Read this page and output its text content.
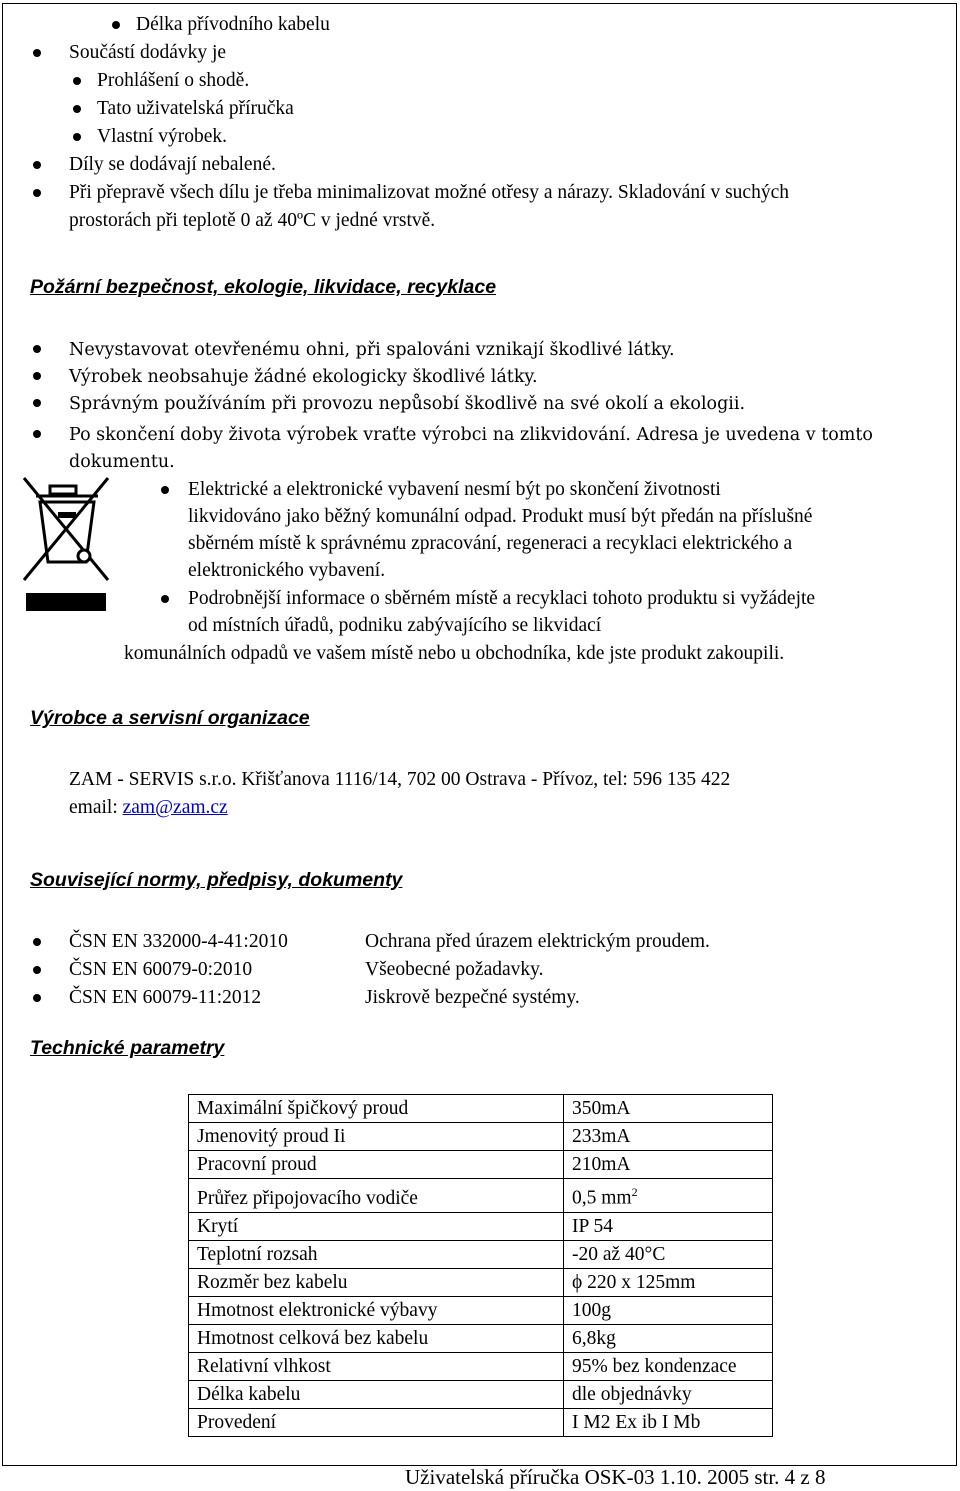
Délka přívodního kabelu
Součástí dodávky je
Prohlášení o shodě.
Tato uživatelská příručka
Vlastní výrobek.
Díly se dodávají nebalené.
Při přepravě všech dílu je třeba minimalizovat možné otřesy a nárazy. Skladování v suchých
prostorách při teplotě 0 až 40ºC v jedné vrstvě.
Požární bezpečnost, ekologie, likvidace, recyklace
Nevystavovat otevřenému ohni, při spalováni vznikají škodlivé látky.
Výrobek neobsahuje žádné ekologicky škodlivé látky.
Správným používáním při provozu nepůsobí škodlivě na své okolí a ekologii.
Po skončení doby života výrobek vraťte výrobci na zlikvidování. Adresa je uvedena v tomto
dokumentu.
Elektrické a elektronické vybavení nesmí být po skončení životnosti
likvidováno jako běžný komunální odpad. Produkt musí být předán na příslušné
sběrném místě k správnému zpracování, regeneraci a recyklaci elektrického a
elektronického vybavení.
Podrobnější informace o sběrném místě a recyklaci tohoto produktu si vyžádejte
od místních úřadů, podniku zabývajícího se likvidací
komunálních odpadů ve vašem místě nebo u obchodníka, kde jste produkt zakoupili.
Výrobce a servisní organizace
ZAM - SERVIS s.r.o. Křišťanova 1116/14, 702 00 Ostrava - Přívoz, tel: 596 135 422
email: zam@zam.cz
Související normy, předpisy, dokumenty
ČSN EN 332000-4-41:2010	Ochrana před úrazem elektrickým proudem.
ČSN EN 60079-0:2010	Všeobecné požadavky.
ČSN EN 60079-11:2012	Jiskrově bezpečné systémy.
Technické parametry
Maximální špičkový proud	350mA
Jmenovitý proud Ii	233mA
Pracovní proud	210mA
Průřez připojovacího vodiče	0,5 $mm^2$
Krytí	IP 54
Teplotní rozsah	-20 až 40°C
Rozměr bez kabelu	ϕ 220 x 125mm
Hmotnost elektronické výbavy	100g
Hmotnost celková bez kabelu	6,8kg
Relativní vlhkost	95% bez kondenzace
Délka kabelu	dle objednávky
Provedení	I M2 Ex ib I Mb
Uživatelská příručka OSK-03 1.10. 2005 str. 4 z 8
